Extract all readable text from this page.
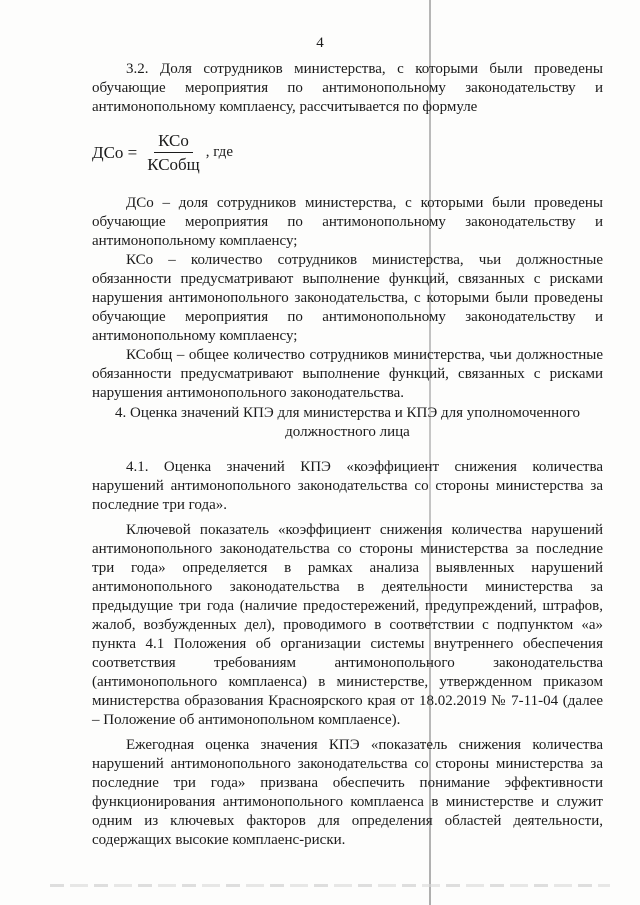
4

3.2. Доля сотрудников министерства, с которыми были проведены обучающие мероприятия по антимонопольному законодательству и антимонопольному комплаенсу, рассчитывается по формуле

ДСо = $\frac{\text{КСо}}{\text{КСобщ}}$ , где

ДСо – доля сотрудников министерства, с которыми были проведены обучающие мероприятия по антимонопольному законодательству и антимонопольному комплаенсу;

КСо – количество сотрудников министерства, чьи должностные обязанности предусматривают выполнение функций, связанных с рисками нарушения антимонопольного законодательства, с которыми были проведены обучающие мероприятия по антимонопольному законодательству и антимонопольному комплаенсу;

КСобщ – общее количество сотрудников министерства, чьи должностные обязанности предусматривают выполнение функций, связанных с рисками нарушения антимонопольного законодательства.

4. Оценка значений КПЭ для министерства и КПЭ для уполномоченного
должностного лица

4.1. Оценка значений КПЭ «коэффициент снижения количества нарушений антимонопольного законодательства со стороны министерства за последние три года».

Ключевой показатель «коэффициент снижения количества нарушений антимонопольного законодательства со стороны министерства за последние три года» определяется в рамках анализа выявленных нарушений антимонопольного законодательства в деятельности министерства за предыдущие три года (наличие предостережений, предупреждений, штрафов, жалоб, возбужденных дел), проводимого в соответствии с подпунктом «а» пункта 4.1 Положения об организации системы внутреннего обеспечения соответствия требованиям антимонопольного законодательства (антимонопольного комплаенса) в министерстве, утвержденном приказом министерства образования Красноярского края от 18.02.2019 № 7-11-04 (далее – Положение об антимонопольном комплаенсе).

Ежегодная оценка значения КПЭ «показатель снижения количества нарушений антимонопольного законодательства со стороны министерства за последние три года» призвана обеспечить понимание эффективности функционирования антимонопольного комплаенса в министерстве и служит одним из ключевых факторов для определения областей деятельности, содержащих высокие комплаенс-риски.
